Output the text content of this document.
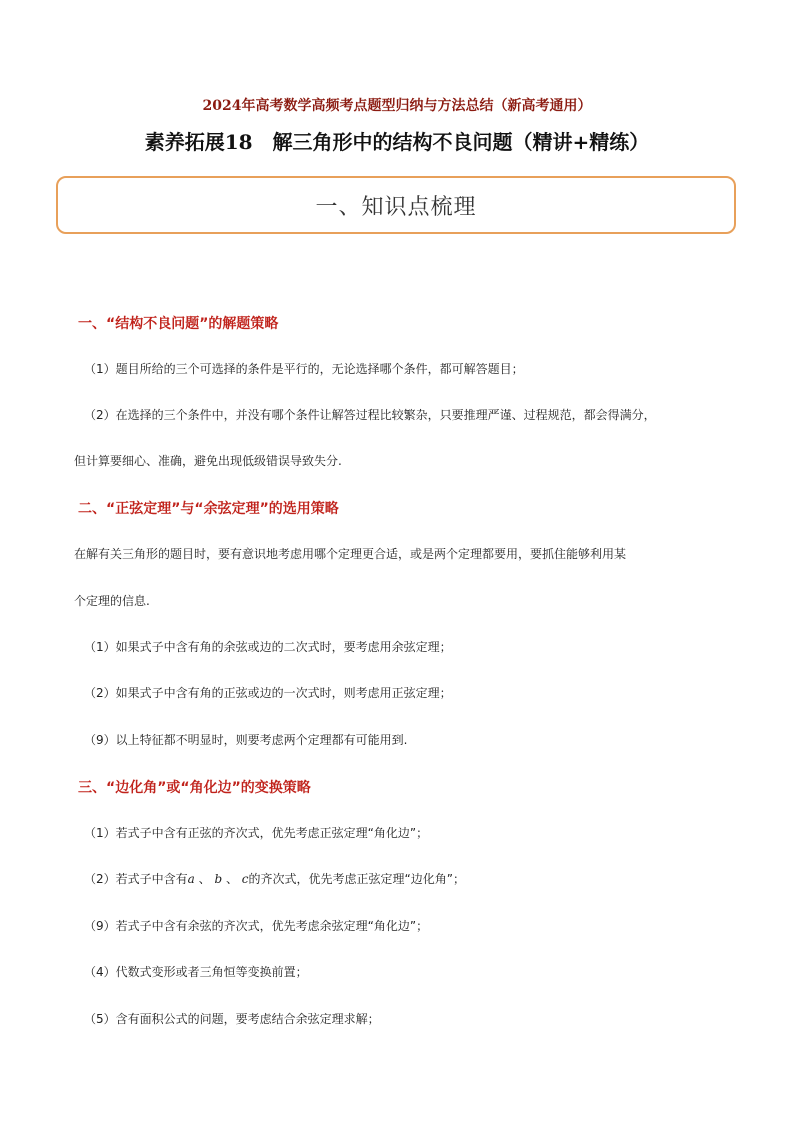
2024年高考数学高频考点题型归纳与方法总结（新高考通用）
素养拓展18　解三角形中的结构不良问题（精讲+精练）
一、知识点梳理
一、“结构不良问题”的解题策略
（1）题目所给的三个可选择的条件是平行的，无论选择哪个条件，都可解答题目；
（2）在选择的三个条件中，并没有哪个条件让解答过程比较繁杂，只要推理严谨、过程规范，都会得满分，
但计算要细心、准确，避免出现低级错误导致失分.
二、“正弦定理”与“余弦定理”的选用策略
在解有关三角形的题目时，要有意识地考虑用哪个定理更合适，或是两个定理都要用，要抓住能够利用某
个定理的信息.
（1）如果式子中含有角的余弦或边的二次式时，要考虑用余弦定理；
（2）如果式子中含有角的正弦或边的一次式时，则考虑用正弦定理；
（9）以上特征都不明显时，则要考虑两个定理都有可能用到.
三、“边化角”或“角化边”的变换策略
（1）若式子中含有正弦的齐次式，优先考虑正弦定理“角化边”；
（2）若式子中含有a 、 b 、 c的齐次式，优先考虑正弦定理“边化角”；
（9）若式子中含有余弦的齐次式，优先考虑余弦定理“角化边”；
（4）代数式变形或者三角恒等变换前置；
（5）含有面积公式的问题，要考虑结合余弦定理求解；
